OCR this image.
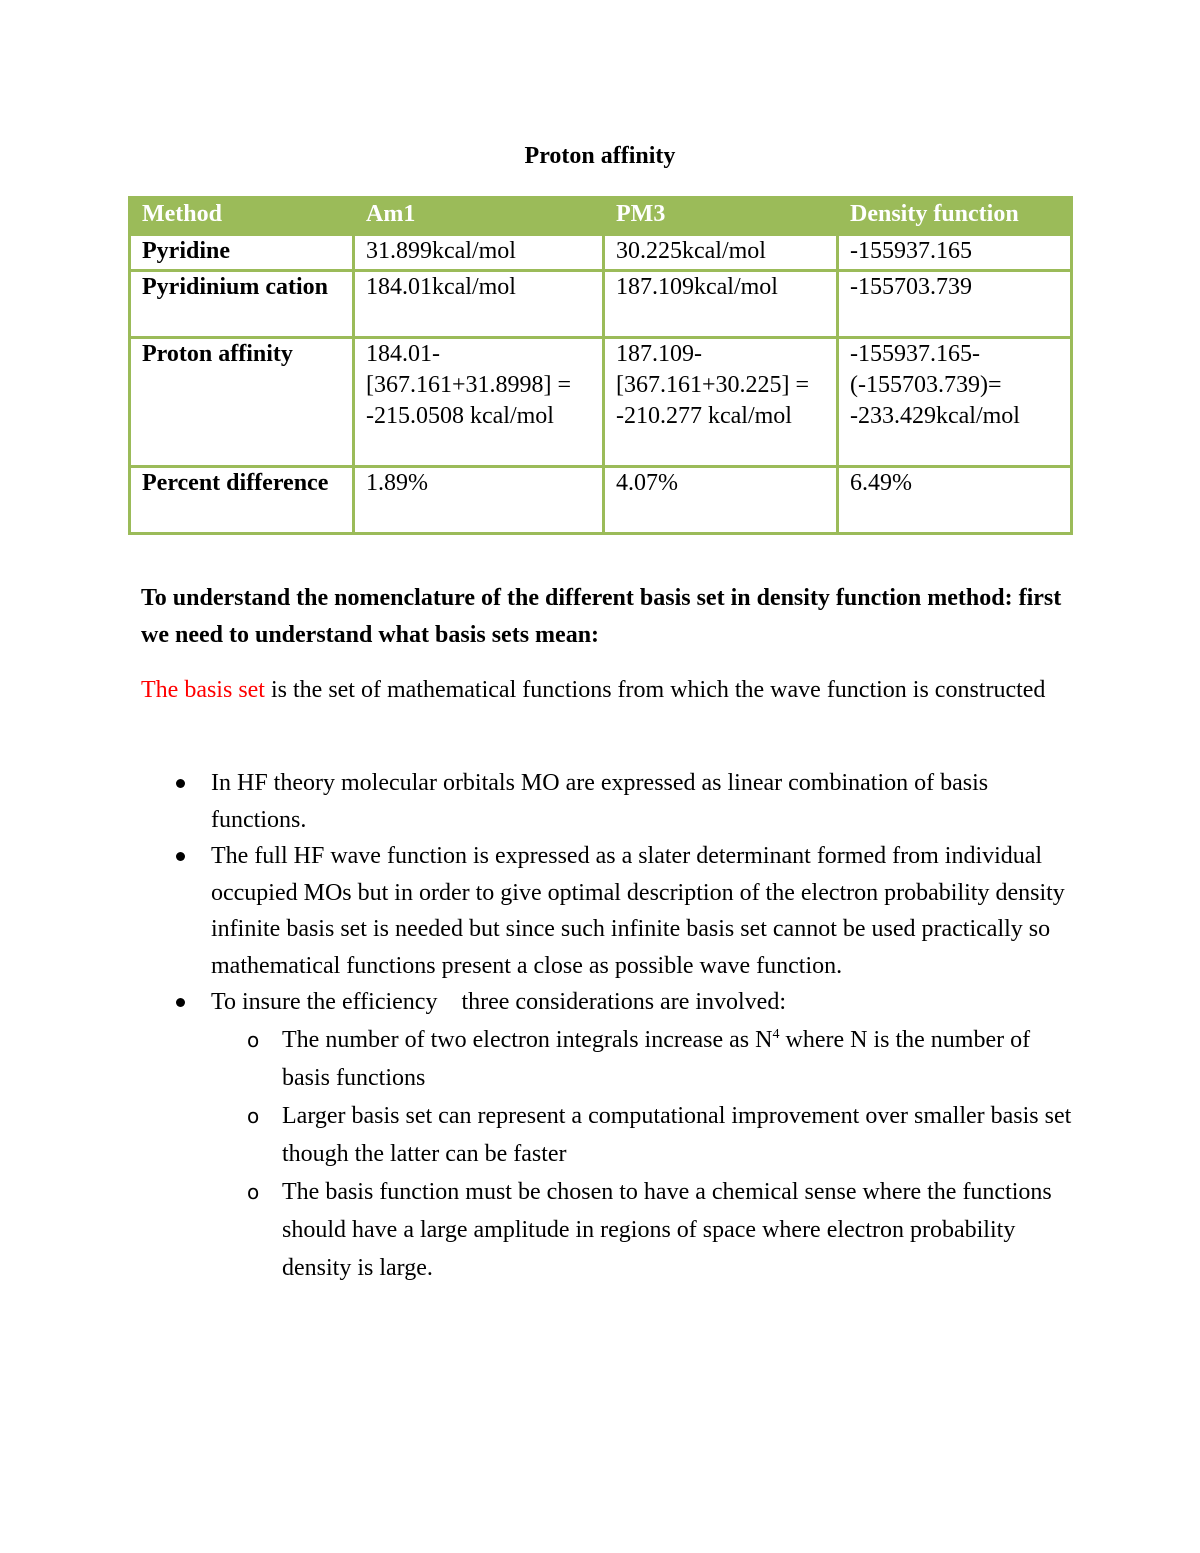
Proton affinity
Method	Am1	PM3	Density function
Pyridine	31.899kcal/mol	30.225kcal/mol	-155937.165
Pyridinium cation	184.01kcal/mol	187.109kcal/mol	-155703.739
Proton affinity	184.01-[367.161+31.8998] = -215.0508 kcal/mol	187.109-[367.161+30.225] = -210.277 kcal/mol	-155937.165-(-155703.739)= -233.429kcal/mol
Percent difference	1.89%	4.07%	6.49%
To understand the nomenclature of the different basis set in density function method: first we need to understand what basis sets mean:
The basis set is the set of mathematical functions from which the wave function is constructed
In HF theory molecular orbitals MO are expressed as linear combination of basis functions.
The full HF wave function is expressed as a slater determinant formed from individual occupied MOs but in order to give optimal description of the electron probability density infinite basis set is needed but since such infinite basis set cannot be used practically so mathematical functions present a close as possible wave function.
To insure the efficiency    three considerations are involved:
o The number of two electron integrals increase as $N^4$ where N is the number of basis functions
o Larger basis set can represent a computational improvement over smaller basis set though the latter can be faster
o The basis function must be chosen to have a chemical sense where the functions should have a large amplitude in regions of space where electron probability density is large.
